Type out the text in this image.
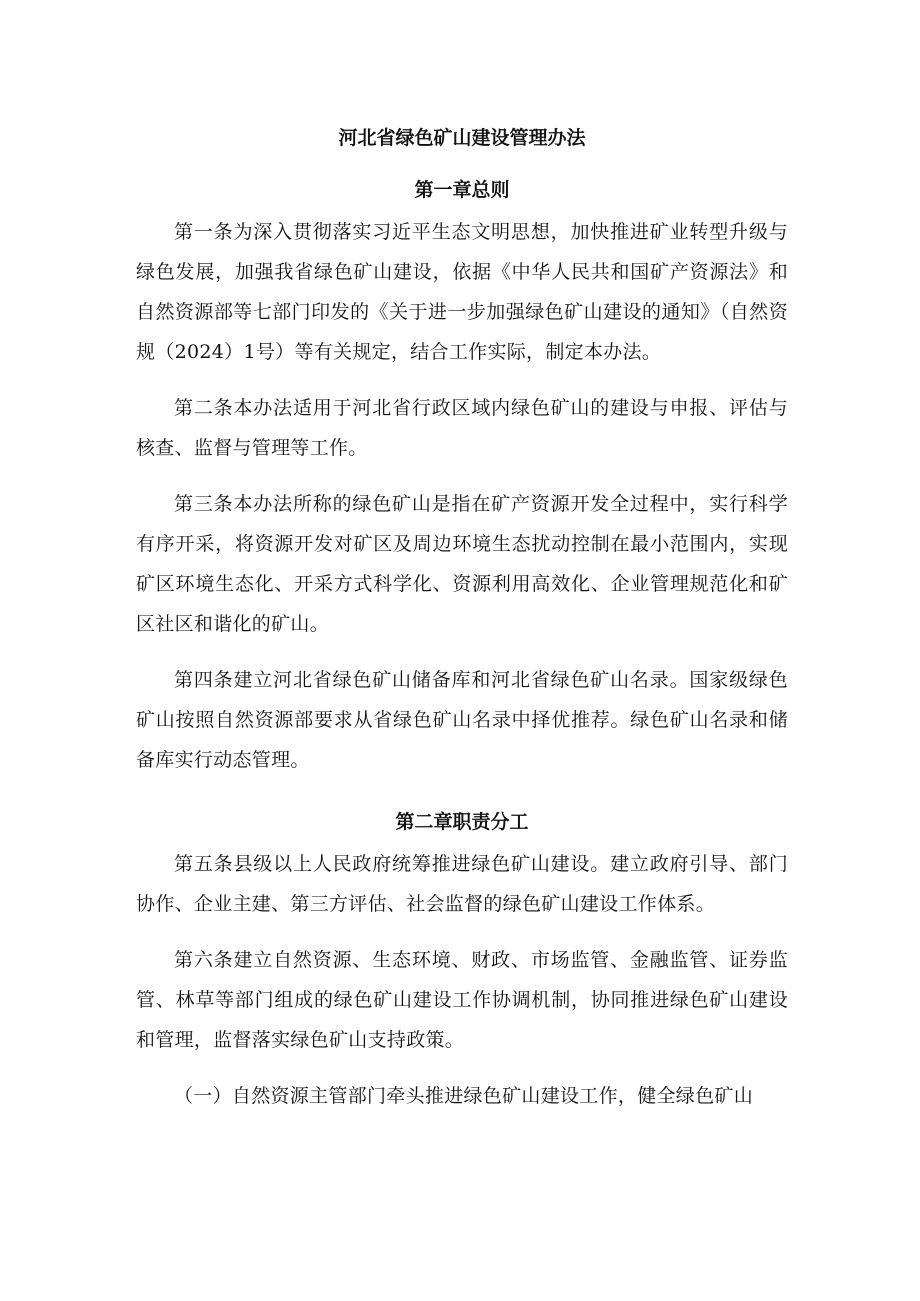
河北省绿色矿山建设管理办法
第一章总则

第一条为深入贯彻落实习近平生态文明思想，加快推进矿业转型升级与绿色发展，加强我省绿色矿山建设，依据《中华人民共和国矿产资源法》和自然资源部等七部门印发的《关于进一步加强绿色矿山建设的通知》（自然资规（2024）1号）等有关规定，结合工作实际，制定本办法。

第二条本办法适用于河北省行政区域内绿色矿山的建设与申报、评估与核查、监督与管理等工作。

第三条本办法所称的绿色矿山是指在矿产资源开发全过程中，实行科学有序开采，将资源开发对矿区及周边环境生态扰动控制在最小范围内，实现矿区环境生态化、开采方式科学化、资源利用高效化、企业管理规范化和矿区社区和谐化的矿山。

第四条建立河北省绿色矿山储备库和河北省绿色矿山名录。国家级绿色矿山按照自然资源部要求从省绿色矿山名录中择优推荐。绿色矿山名录和储备库实行动态管理。

第二章职责分工

第五条县级以上人民政府统筹推进绿色矿山建设。建立政府引导、部门协作、企业主建、第三方评估、社会监督的绿色矿山建设工作体系。

第六条建立自然资源、生态环境、财政、市场监管、金融监管、证券监管、林草等部门组成的绿色矿山建设工作协调机制，协同推进绿色矿山建设和管理，监督落实绿色矿山支持政策。

（一）自然资源主管部门牵头推进绿色矿山建设工作，健全绿色矿山
